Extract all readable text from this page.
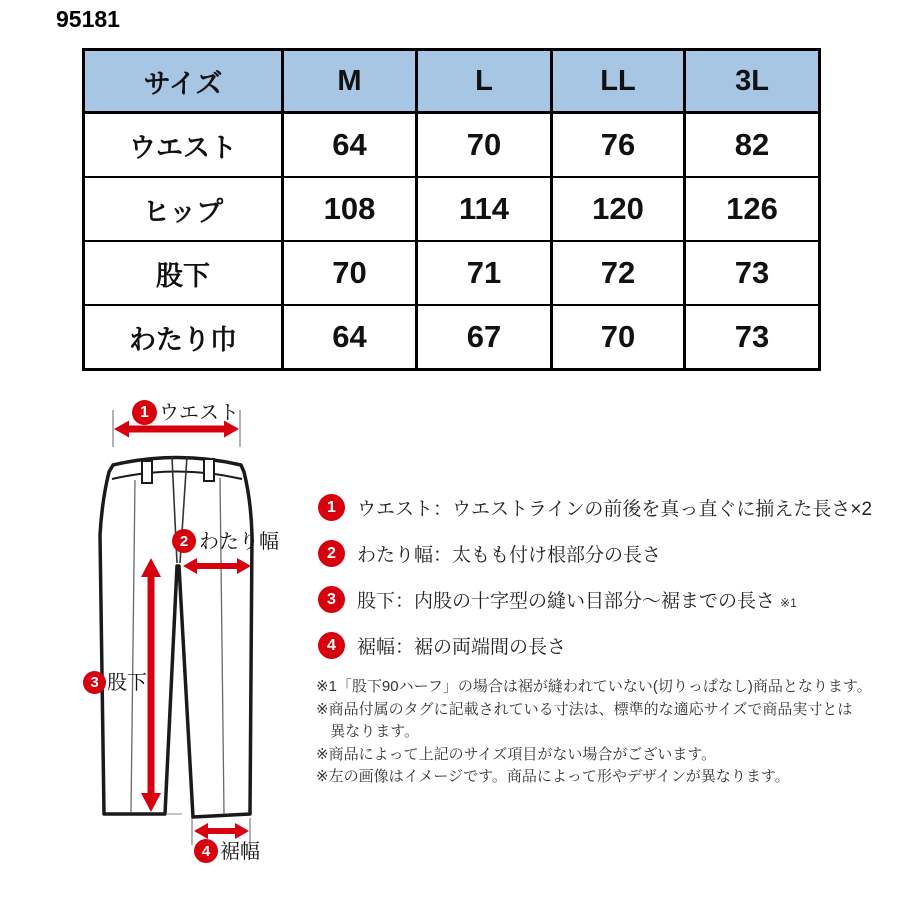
95181
サイズ	M	L	LL	3L
ウエスト	64	70	76	82
ヒップ	108	114	120	126
股下	70	71	72	73
わたり巾	64	67	70	73
1 ウエスト
2 わたり幅
3 股下
4 裾幅
1	ウエスト：ウエストラインの前後を真っ直ぐに揃えた長さ×2
2	わたり幅：太もも付け根部分の長さ
3	股下：内股の十字型の縫い目部分～裾までの長さ ※1
4	裾幅：裾の両端間の長さ
※1「股下90ハーフ」の場合は裾が縫われていない(切りっぱなし)商品となります。
※商品付属のタグに記載されている寸法は、標準的な適応サイズで商品実寸とは
異なります。
※商品によって上記のサイズ項目がない場合がございます。
※左の画像はイメージです。商品によって形やデザインが異なります。
